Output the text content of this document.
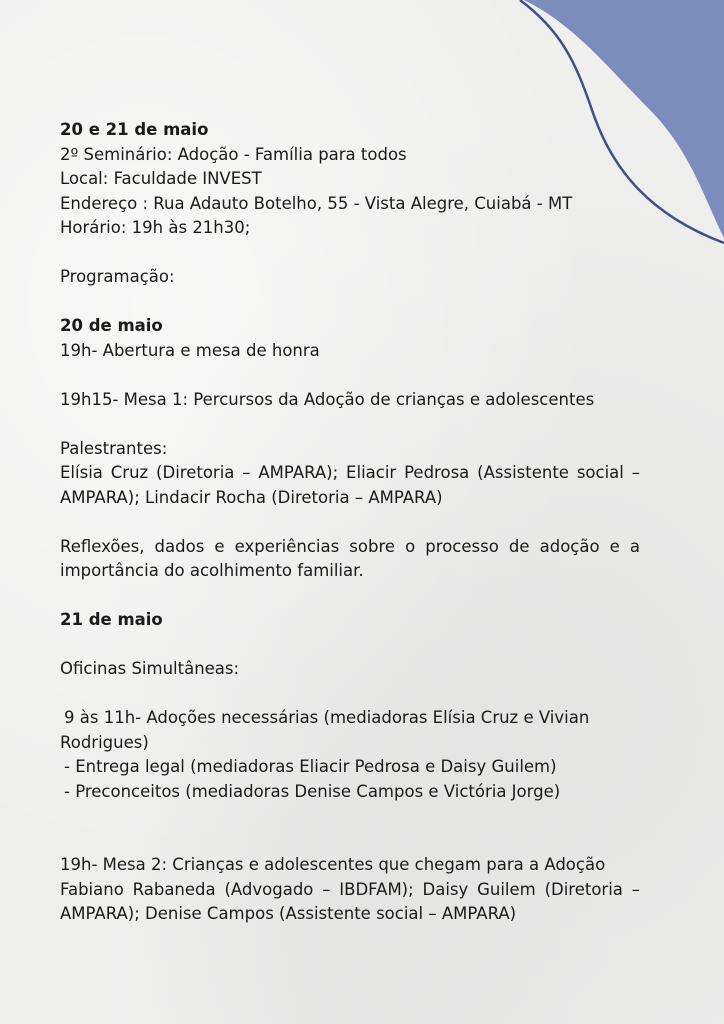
20 e 21 de maio
2º Seminário: Adoção - Família para todos
Local: Faculdade INVEST
Endereço : Rua Adauto Botelho, 55 - Vista Alegre, Cuiabá - MT
Horário: 19h às 21h30;
Programação:
20 de maio
19h- Abertura e mesa de honra
19h15- Mesa 1: Percursos da Adoção de crianças e adolescentes
Palestrantes:
Elísia Cruz (Diretoria – AMPARA); Eliacir Pedrosa (Assistente social – AMPARA); Lindacir Rocha (Diretoria – AMPARA)
Reflexões, dados e experiências sobre o processo de adoção e a importância do acolhimento familiar.
21 de maio
Oficinas Simultâneas:
9 às 11h- Adoções necessárias (mediadoras Elísia Cruz e Vivian
Rodrigues)
- Entrega legal (mediadoras Eliacir Pedrosa e Daisy Guilem)
- Preconceitos (mediadoras Denise Campos e Victória Jorge)
19h- Mesa 2: Crianças e adolescentes que chegam para a Adoção
Fabiano Rabaneda (Advogado – IBDFAM); Daisy Guilem (Diretoria – AMPARA); Denise Campos (Assistente social – AMPARA)
